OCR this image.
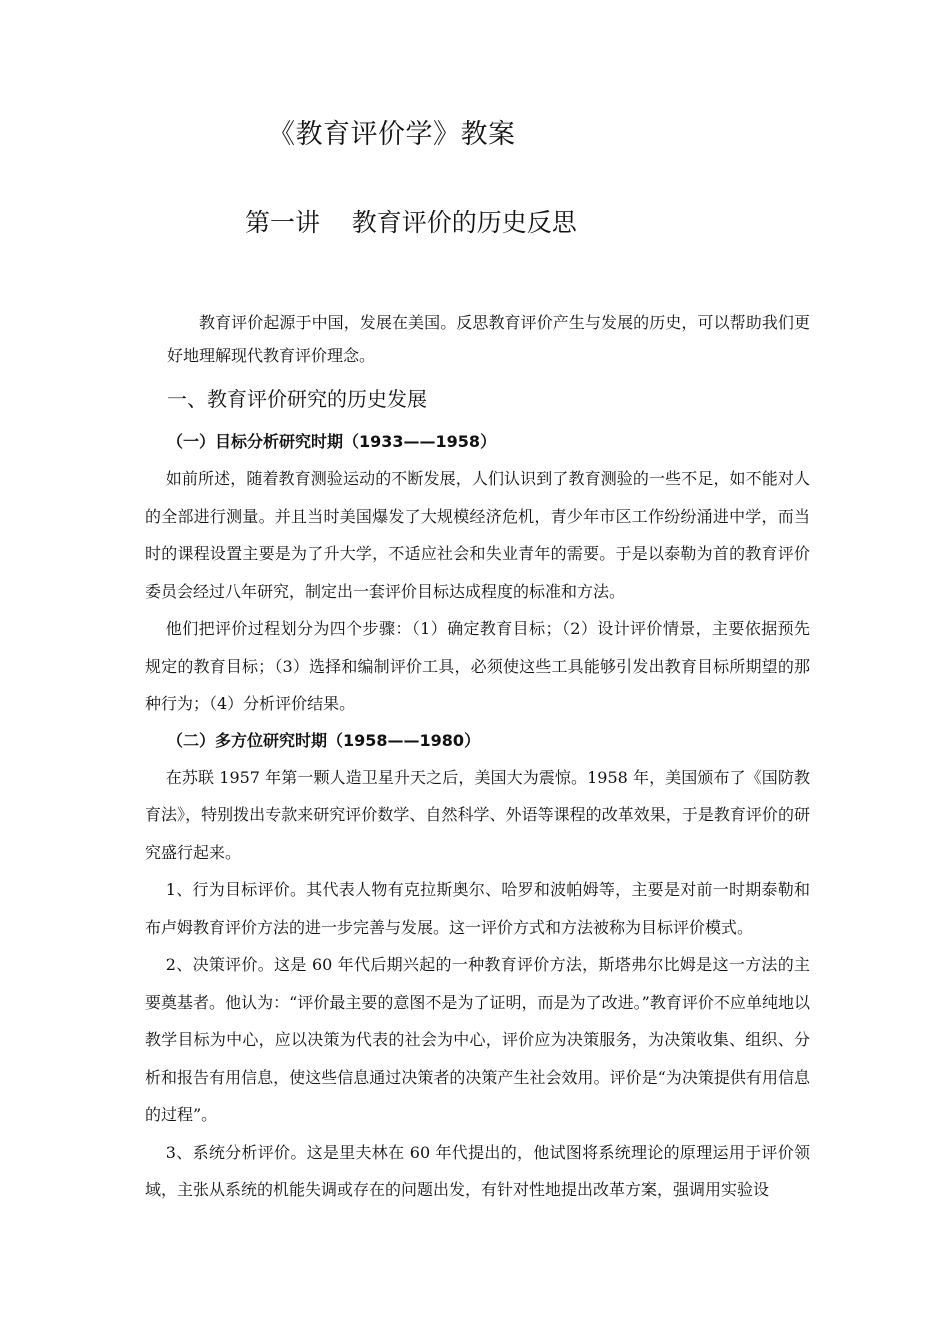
《教育评价学》教案
第一讲    教育评价的历史反思

教育评价起源于中国，发展在美国。反思教育评价产生与发展的历史，可以帮助我们更好地理解现代教育评价理念。

一、教育评价研究的历史发展
（一）目标分析研究时期（1933——1958）

如前所述，随着教育测验运动的不断发展，人们认识到了教育测验的一些不足，如不能对人的全部进行测量。并且当时美国爆发了大规模经济危机，青少年市区工作纷纷涌进中学，而当时的课程设置主要是为了升大学，不适应社会和失业青年的需要。于是以泰勒为首的教育评价委员会经过八年研究，制定出一套评价目标达成程度的标准和方法。

他们把评价过程划分为四个步骤：（1）确定教育目标；（2）设计评价情景，主要依据预先规定的教育目标；（3）选择和编制评价工具，必须使这些工具能够引发出教育目标所期望的那种行为；（4）分析评价结果。

（二）多方位研究时期（1958——1980）

在苏联 1957 年第一颗人造卫星升天之后，美国大为震惊。1958 年，美国颁布了《国防教育法》，特别拨出专款来研究评价数学、自然科学、外语等课程的改革效果，于是教育评价的研究盛行起来。

1、行为目标评价。其代表人物有克拉斯奥尔、哈罗和波帕姆等，主要是对前一时期泰勒和布卢姆教育评价方法的进一步完善与发展。这一评价方式和方法被称为目标评价模式。

2、决策评价。这是 60 年代后期兴起的一种教育评价方法，斯塔弗尔比姆是这一方法的主要奠基者。他认为：“评价最主要的意图不是为了证明，而是为了改进。”教育评价不应单纯地以教学目标为中心，应以决策为代表的社会为中心，评价应为决策服务，为决策收集、组织、分析和报告有用信息，使这些信息通过决策者的决策产生社会效用。评价是“为决策提供有用信息的过程”。

3、系统分析评价。这是里夫林在 60 年代提出的，他试图将系统理论的原理运用于评价领域，主张从系统的机能失调或存在的问题出发，有针对性地提出改革方案，强调用实验设
